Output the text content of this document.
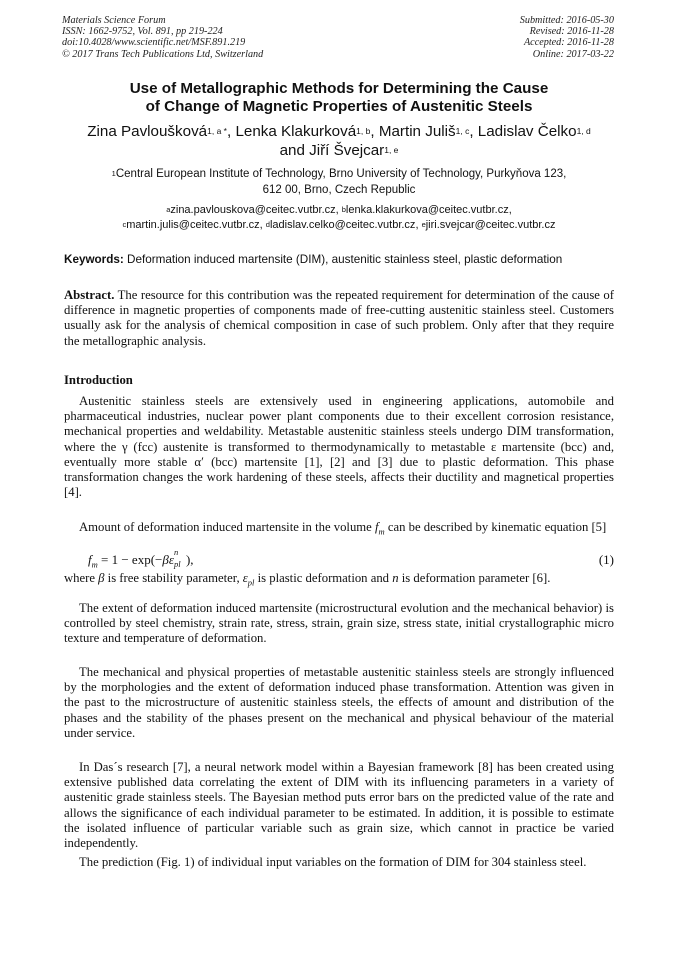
Materials Science Forum
ISSN: 1662-9752, Vol. 891, pp 219-224
doi:10.4028/www.scientific.net/MSF.891.219
© 2017 Trans Tech Publications Ltd, Switzerland
Submitted: 2016-05-30
Revised: 2016-11-28
Accepted: 2016-11-28
Online: 2017-03-22
Use of Metallographic Methods for Determining the Cause
of Change of Magnetic Properties of Austenitic Steels
Zina Pavloušková$^{1, a *}$, Lenka Klakurková$^{1, b}$, Martin Juliš$^{1, c}$, Ladislav Čelko$^{1, d}$
and Jiří Švejcar$^{1, e}$
$^1$Central European Institute of Technology, Brno University of Technology, Purkyňova 123,
612 00, Brno, Czech Republic
$^a$zina.pavlouskova@ceitec.vutbr.cz, $^b$lenka.klakurkova@ceitec.vutbr.cz,
$^c$martin.julis@ceitec.vutbr.cz, $^d$ladislav.celko@ceitec.vutbr.cz, $^e$jiri.svejcar@ceitec.vutbr.cz
Keywords: Deformation induced martensite (DIM), austenitic stainless steel, plastic deformation
Abstract. The resource for this contribution was the repeated requirement for determination of the cause of difference in magnetic properties of components made of free-cutting austenitic stainless steel. Customers usually ask for the analysis of chemical composition in case of such problem. Only after that they require the metallographic analysis.
Introduction
Austenitic stainless steels are extensively used in engineering applications, automobile and pharmaceutical industries, nuclear power plant components due to their excellent corrosion resistance, mechanical properties and weldability. Metastable austenitic stainless steels undergo DIM transformation, where the γ (fcc) austenite is transformed to thermodynamically to metastable ε martensite (bcc) and, eventually more stable α′ (bcc) martensite [1], [2] and [3] due to plastic deformation. This phase transformation changes the work hardening of these steels, affects their ductility and magnetical properties [4].
Amount of deformation induced martensite in the volume $f_m$ can be described by kinematic equation [5]
$f_m = 1 - \exp(-\beta\varepsilon$ n
pl ),	(1)
where β is free stability parameter, $\varepsilon_{pl}$ is plastic deformation and n is deformation parameter [6].
The extent of deformation induced martensite (microstructural evolution and the mechanical behavior) is controlled by steel chemistry, strain rate, stress, strain, grain size, stress state, initial crystallographic micro texture and temperature of deformation.
The mechanical and physical properties of metastable austenitic stainless steels are strongly influenced by the morphologies and the extent of deformation induced phase transformation. Attention was given in the past to the microstructure of austenitic stainless steels, the effects of amount and distribution of the phases and the stability of the phases present on the mechanical and physical behaviour of the material under service.
In Das´s research [7], a neural network model within a Bayesian framework [8] has been created using extensive published data correlating the extent of DIM with its influencing parameters in a variety of austenitic grade stainless steels. The Bayesian method puts error bars on the predicted value of the rate and allows the significance of each individual parameter to be estimated. In addition, it is possible to estimate the isolated influence of particular variable such as grain size, which cannot in practice be varied independently.
The prediction (Fig. 1) of individual input variables on the formation of DIM for 304 stainless steel.
